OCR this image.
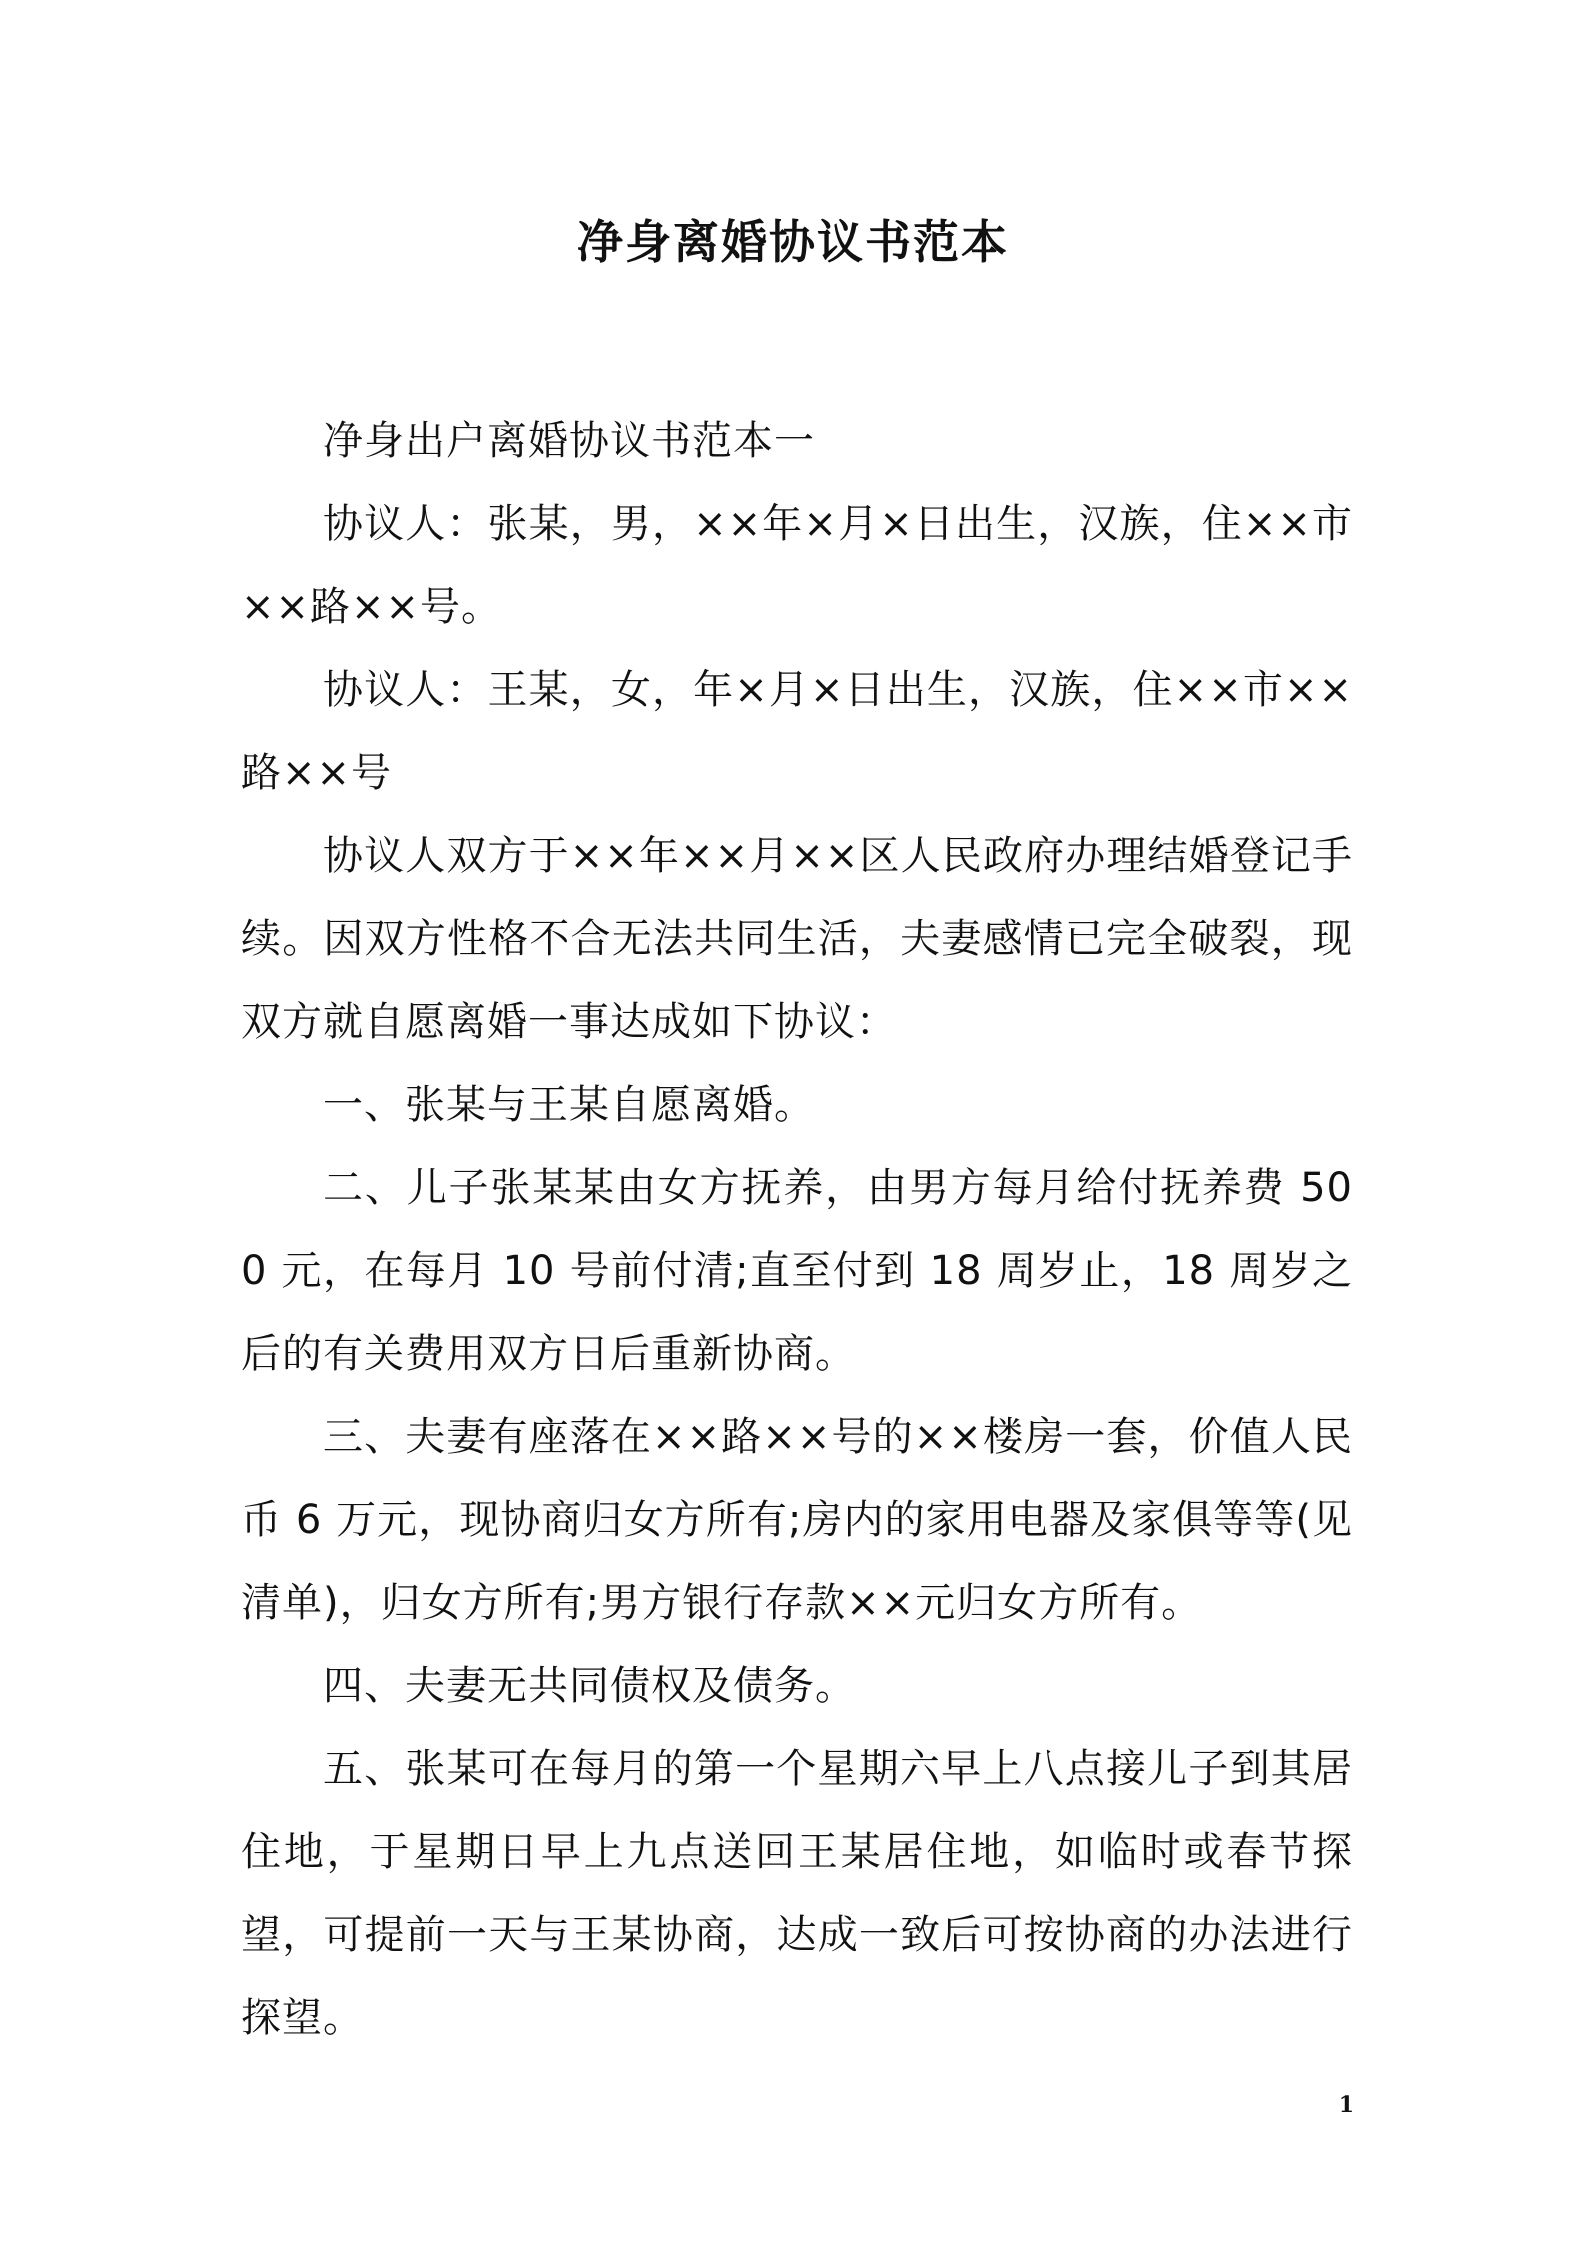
净身离婚协议书范本

净身出户离婚协议书范本一

协议人：张某，男，××年×月×日出生，汉族，住××市××路××号。

协议人：王某，女，年×月×日出生，汉族，住××市××路××号

协议人双方于××年××月××区人民政府办理结婚登记手续。因双方性格不合无法共同生活，夫妻感情已完全破裂，现双方就自愿离婚一事达成如下协议：

一、张某与王某自愿离婚。

二、儿子张某某由女方抚养，由男方每月给付抚养费 500 元，在每月 10 号前付清;直至付到 18 周岁止，18 周岁之后的有关费用双方日后重新协商。

三、夫妻有座落在××路××号的××楼房一套，价值人民币 6 万元，现协商归女方所有;房内的家用电器及家俱等等(见清单)，归女方所有;男方银行存款××元归女方所有。

四、夫妻无共同债权及债务。

五、张某可在每月的第一个星期六早上八点接儿子到其居住地，于星期日早上九点送回王某居住地，如临时或春节探望，可提前一天与王某协商，达成一致后可按协商的办法进行探望。

1
